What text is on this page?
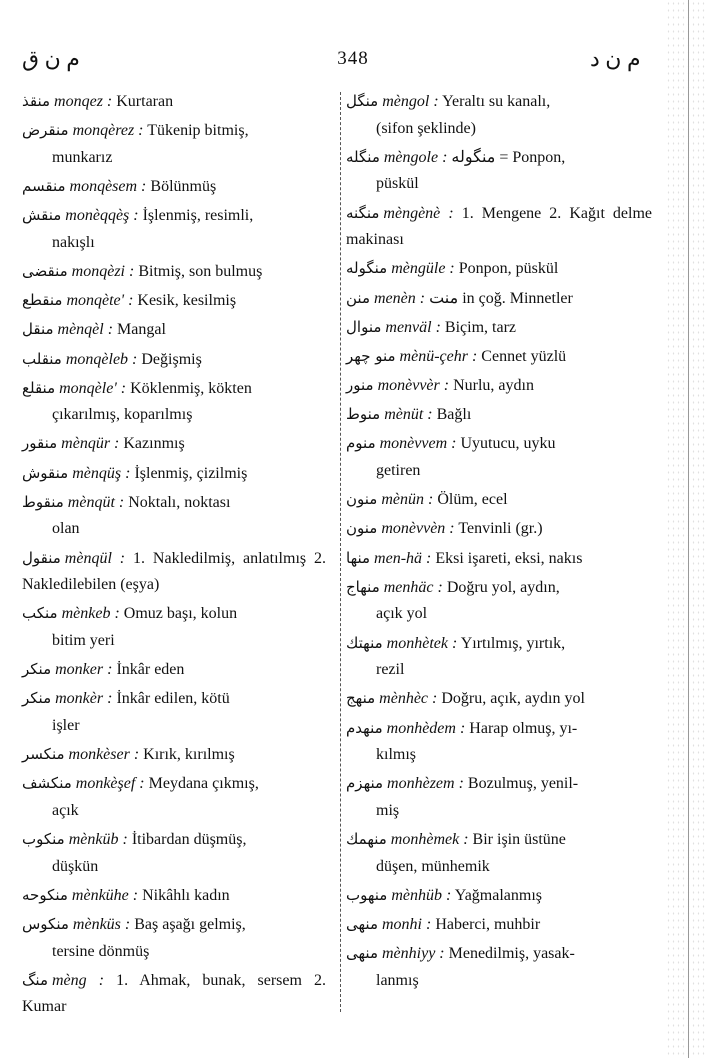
م ن ق	348	م ن د
منقذ monqez : Kurtaran
منقرض monqèrez : Tükenip bitmiş,
munkarız
منقسم monqèsem : Bölünmüş
منقش monèqqèş : İşlenmiş, resimli,
nakışlı
منقضی monqèzi : Bitmiş, son bulmuş
منقطع monqète' : Kesik, kesilmiş
منقل mènqèl : Mangal
منقلب monqèleb : Değişmiş
منقلع monqèle' : Köklenmiş, kökten
çıkarılmış, koparılmış
منقور mènqür : Kazınmış
منقوش mènqüş : İşlenmiş, çizilmiş
منقوط mènqüt : Noktalı, noktası
olan
منقول mènqül : 1. Nakledilmiş, anlatılmış 2. Nakledilebilen (eşya)
منكب mènkeb : Omuz başı, kolun
bitim yeri
منكر monker : İnkâr eden
منكر monkèr : İnkâr edilen, kötü
işler
منكسر monkèser : Kırık, kırılmış
منكشف monkèşef : Meydana çıkmış,
açık
منكوب mènküb : İtibardan düşmüş,
düşkün
منكوحه mènkühe : Nikâhlı kadın
منكوس mènküs : Baş aşağı gelmiş,
tersine dönmüş
منگ mèng : 1. Ahmak, bunak, sersem 2. Kumar
منگل mèngol : Yeraltı su kanalı,
(sifon şeklinde)
منگله mèngole : منگوله = Ponpon,
püskül
منگنه mèngènè : 1. Mengene 2. Kağıt delme makinası
منگوله mèngüle : Ponpon, püskül
منن menèn : منت in çoğ. Minnetler
منوال menväl : Biçim, tarz
منو چهر mènü-çehr : Cennet yüzlü
منور monèvvèr : Nurlu, aydın
منوط mènüt : Bağlı
منوم monèvvem : Uyutucu, uyku
getiren
منون mènün : Ölüm, ecel
منون monèvvèn : Tenvinli (gr.)
منها men-hä : Eksi işareti, eksi, nakıs
منهاج menhäc : Doğru yol, aydın,
açık yol
منهتك monhètek : Yırtılmış, yırtık,
rezil
منهج mènhèc : Doğru, açık, aydın yol
منهدم monhèdem : Harap olmuş, yı-
kılmış
منهزم monhèzem : Bozulmuş, yenil-
miş
منهمك monhèmek : Bir işin üstüne
düşen, münhemik
منهوب mènhüb : Yağmalanmış
منهی monhi : Haberci, muhbir
منهی mènhiyy : Menedilmiş, yasak-
lanmış
